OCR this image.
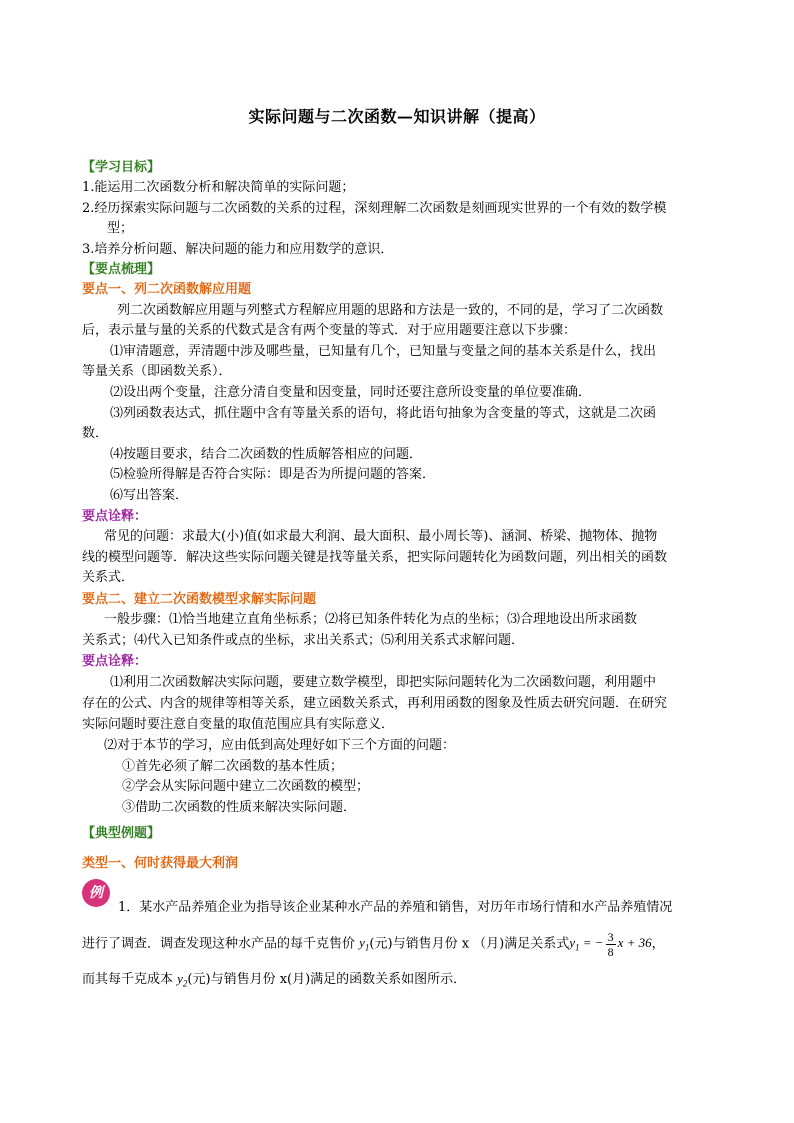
实际问题与二次函数—知识讲解（提高）
【学习目标】
1.能运用二次函数分析和解决简单的实际问题；
2.经历探索实际问题与二次函数的关系的过程，深刻理解二次函数是刻画现实世界的一个有效的数学模
型；
3.培养分析问题、解决问题的能力和应用数学的意识．
【要点梳理】
要点一、列二次函数解应用题
列二次函数解应用题与列整式方程解应用题的思路和方法是一致的，不同的是，学习了二次函数
后，表示量与量的关系的代数式是含有两个变量的等式．对于应用题要注意以下步骤：
⑴审清题意，弄清题中涉及哪些量，已知量有几个，已知量与变量之间的基本关系是什么，找出
等量关系（即函数关系）．
⑵设出两个变量，注意分清自变量和因变量，同时还要注意所设变量的单位要准确．
⑶列函数表达式，抓住题中含有等量关系的语句，将此语句抽象为含变量的等式，这就是二次函
数．
⑷按题目要求，结合二次函数的性质解答相应的问题．
⑸检验所得解是否符合实际：即是否为所提问题的答案．
⑹写出答案．
要点诠释：
常见的问题：求最大(小)值(如求最大利润、最大面积、最小周长等)、涵洞、桥梁、抛物体、抛物
线的模型问题等．解决这些实际问题关键是找等量关系，把实际问题转化为函数问题，列出相关的函数
关系式．
要点二、建立二次函数模型求解实际问题
一般步骤：⑴恰当地建立直角坐标系；⑵将已知条件转化为点的坐标；⑶合理地设出所求函数
关系式；⑷代入已知条件或点的坐标，求出关系式；⑸利用关系式求解问题．
要点诠释：
⑴利用二次函数解决实际问题，要建立数学模型，即把实际问题转化为二次函数问题，利用题中
存在的公式、内含的规律等相等关系，建立函数关系式，再利用函数的图象及性质去研究问题．在研究
实际问题时要注意自变量的取值范围应具有实际意义．
⑵对于本节的学习，应由低到高处理好如下三个方面的问题：
①首先必须了解二次函数的基本性质；
②学会从实际问题中建立二次函数的模型；
③借助二次函数的性质来解决实际问题．
【典型例题】
类型一、何时获得最大利润
例
1．某水产品养殖企业为指导该企业某种水产品的养殖和销售，对历年市场行情和水产品养殖情况
进行了调查．调查发现这种水产品的每千克售价 $y_1$(元)与销售月份 x （月)满足关系式$y_1$ = − $\frac{3}{8}$ x + 36，
而其每千克成本 $y_2$(元)与销售月份 x(月)满足的函数关系如图所示．
